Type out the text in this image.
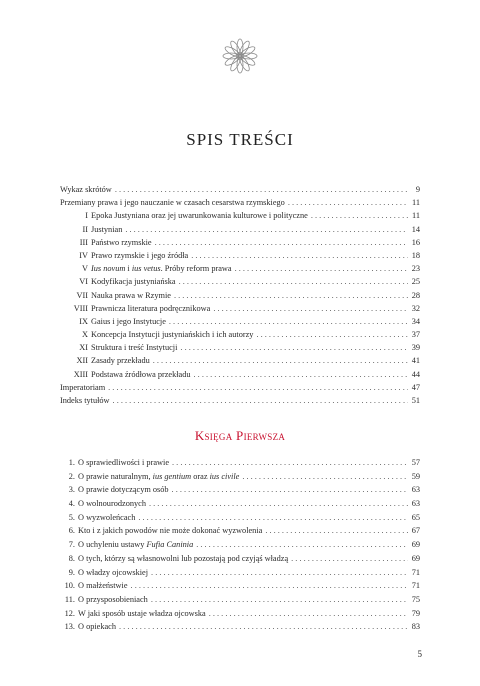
SPIS TREŚCI
Wykaz skrótów . . .	9
Przemiany prawa i jego nauczanie w czasach cesarstwa rzymskiego . . .	11
I Epoka Justyniana oraz jej uwarunkowania kulturowe i polityczne . . .	11
II Justynian . . .	14
III Państwo rzymskie . . .	16
IV Prawo rzymskie i jego źródła . . .	18
V Ius novum i ius vetus. Próby reform prawa . . .	23
VI Kodyfikacja justyniańska . . .	25
VII Nauka prawa w Rzymie . . .	28
VIII Prawnicza literatura podręcznikowa . . .	32
IX Gaius i jego Instytucje . . .	34
X Koncepcja Instytucji justyniańskich i ich autorzy . . .	37
XI Struktura i treść Instytucji . . .	39
XII Zasady przekładu . . .	41
XIII Podstawa źródłowa przekładu . . .	44
Imperatoriam . . .	47
Indeks tytułów . . .	51
Księga Pierwsza
1. O sprawiedliwości i prawie . . .	57
2. O prawie naturalnym, ius gentium oraz ius civile . . .	59
3. O prawie dotyczącym osób . . .	63
4. O wolnourodzonych . . .	63
5. O wyzwoleńcach . . .	65
6. Kto i z jakich powodów nie może dokonać wyzwolenia . . .	67
7. O uchyleniu ustawy Fufia Caninia . . .	69
8. O tych, którzy są własnowolni lub pozostają pod czyjąś władzą . . .	69
9. O władzy ojcowskiej . . .	71
10. O małżeństwie . . .	71
11. O przysposobieniach . . .	75
12. W jaki sposób ustaje władza ojcowska . . .	79
13. O opiekach . . .	83
5
